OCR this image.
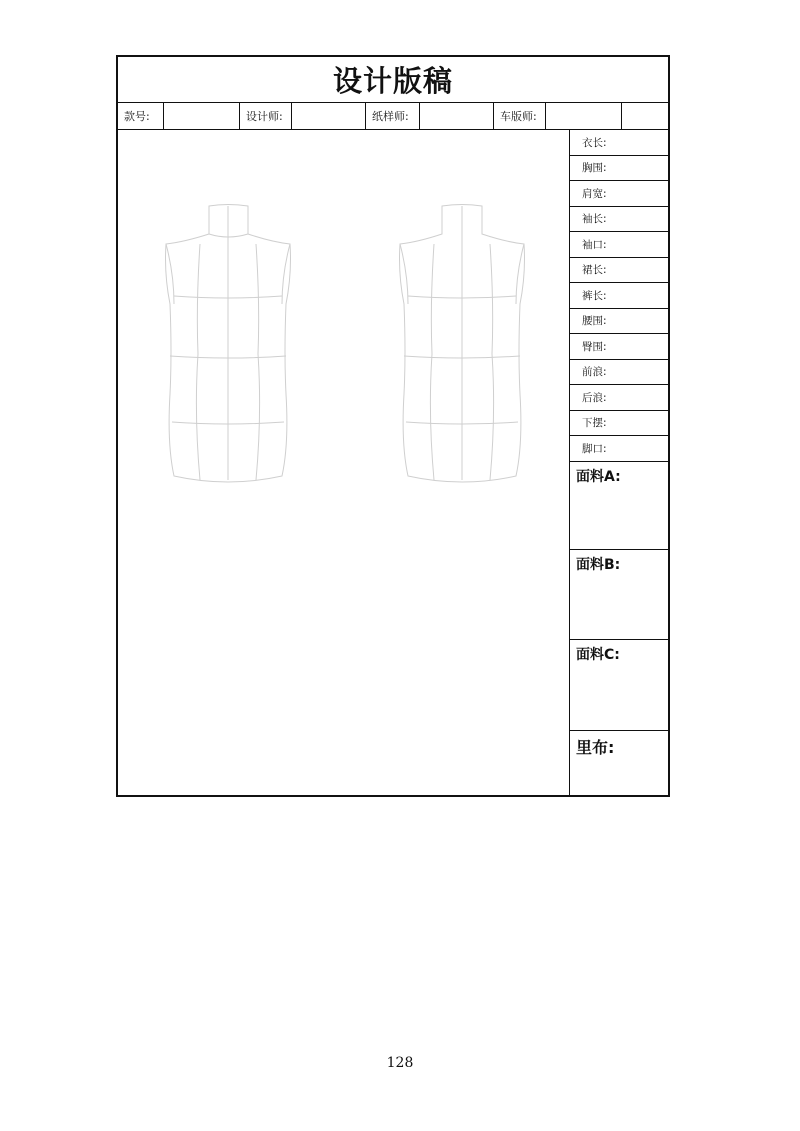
设计版稿
款号:	设计师:	纸样师:	车版师:
衣长:
胸围:
肩宽:
袖长:
袖口:
裙长:
裤长:
腰围:
臀围:
前浪:
后浪:
下摆:
脚口:
面料A:
面料B:
面料C:
里布:
128
